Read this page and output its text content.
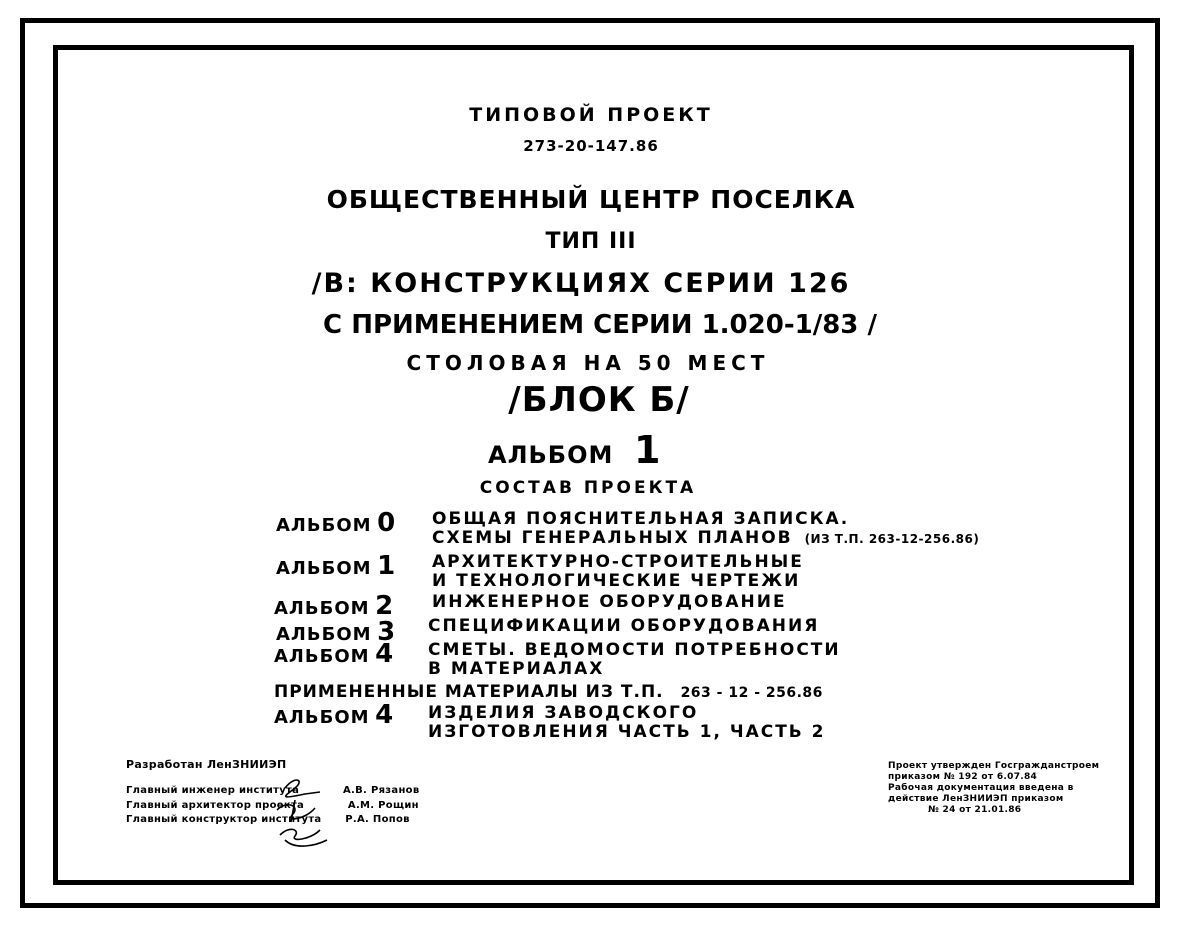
ТИПОВОЙ ПРОЕКТ
273-20-147.86
ОБЩЕСТВЕННЫЙ ЦЕНТР ПОСЕЛКА
ТИП III
/В: КОНСТРУКЦИЯХ СЕРИИ 126
С ПРИМЕНЕНИЕМ СЕРИИ 1.020-1/83 /
СТОЛОВАЯ НА 50 МЕСТ
/БЛОК Б/
АЛЬБОМ 1
СОСТАВ ПРОЕКТА
АЛЬБОМ 0 ОБЩАЯ ПОЯСНИТЕЛЬНАЯ ЗАПИСКА.
СХЕМЫ ГЕНЕРАЛЬНЫХ ПЛАНОВ (ИЗ Т.П. 263-12-256.86)
АЛЬБОМ 1 АРХИТЕКТУРНО-СТРОИТЕЛЬНЫЕ
И ТЕХНОЛОГИЧЕСКИЕ ЧЕРТЕЖИ
АЛЬБОМ 2 ИНЖЕНЕРНОЕ ОБОРУДОВАНИЕ
АЛЬБОМ 3 СПЕЦИФИКАЦИИ ОБОРУДОВАНИЯ
АЛЬБОМ 4 СМЕТЫ. ВЕДОМОСТИ ПОТРЕБНОСТИ
В МАТЕРИАЛАХ
ПРИМЕНЕННЫЕ МАТЕРИАЛЫ ИЗ Т.П. 263 - 12 - 256.86
АЛЬБОМ 4 ИЗДЕЛИЯ ЗАВОДСКОГО
ИЗГОТОВЛЕНИЯ ЧАСТЬ 1, ЧАСТЬ 2
Разработан ЛенЗНИИЭП
Главный инженер института	А.В. Рязанов
Главный архитектор проекта	А.М. Рощин
Главный конструктор института Р.А. Попов
Проект утвержден Госгражданстроем
приказом № 192 от 6.07.84
Рабочая документация введена в
действие ЛенЗНИИЭП приказом
№ 24 от 21.01.86
